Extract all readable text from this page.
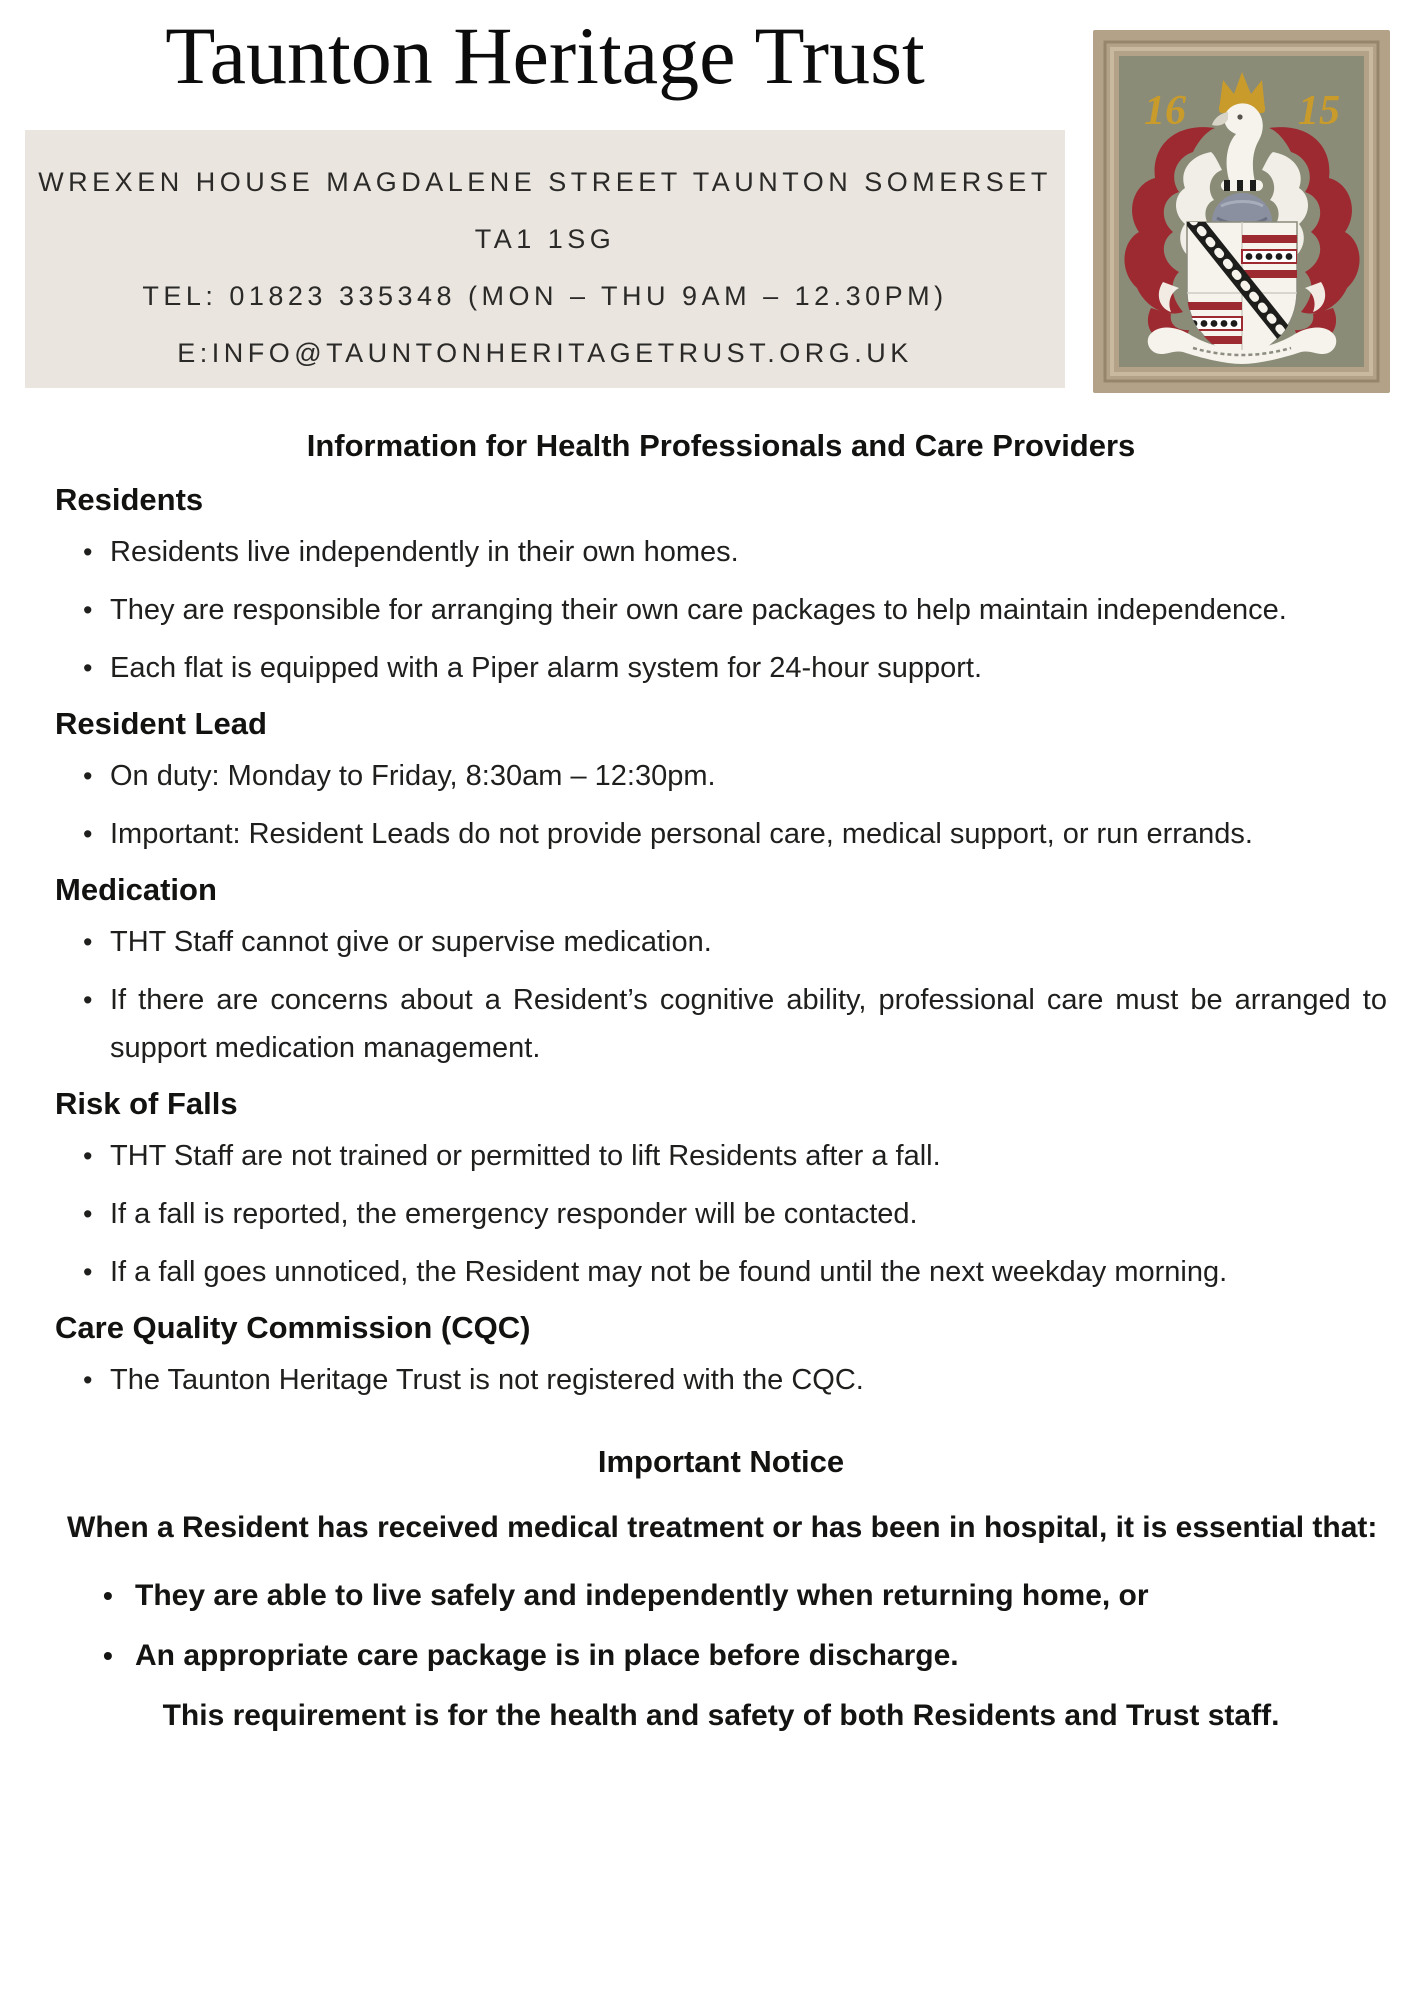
Taunton Heritage Trust
WREXEN HOUSE MAGDALENE STREET TAUNTON SOMERSET
TA1 1SG
TEL: 01823 335348 (MON – THU 9AM – 12.30PM)
E:INFO@TAUNTONHERITAGETRUST.ORG.UK
16	15
Information for Health Professionals and Care Providers
Residents
• Residents live independently in their own homes.
• They are responsible for arranging their own care packages to help maintain independence.
• Each flat is equipped with a Piper alarm system for 24-hour support.
Resident Lead
• On duty: Monday to Friday, 8:30am – 12:30pm.
• Important: Resident Leads do not provide personal care, medical support, or run errands.
Medication
• THT Staff cannot give or supervise medication.
• If there are concerns about a Resident’s cognitive ability, professional care must be arranged to support medication management.
Risk of Falls
• THT Staff are not trained or permitted to lift Residents after a fall.
• If a fall is reported, the emergency responder will be contacted.
• If a fall goes unnoticed, the Resident may not be found until the next weekday morning.
Care Quality Commission (CQC)
• The Taunton Heritage Trust is not registered with the CQC.
Important Notice

When a Resident has received medical treatment or has been in hospital, it is essential that:

• They are able to live safely and independently when returning home, or
• An appropriate care package is in place before discharge.

This requirement is for the health and safety of both Residents and Trust staff.
